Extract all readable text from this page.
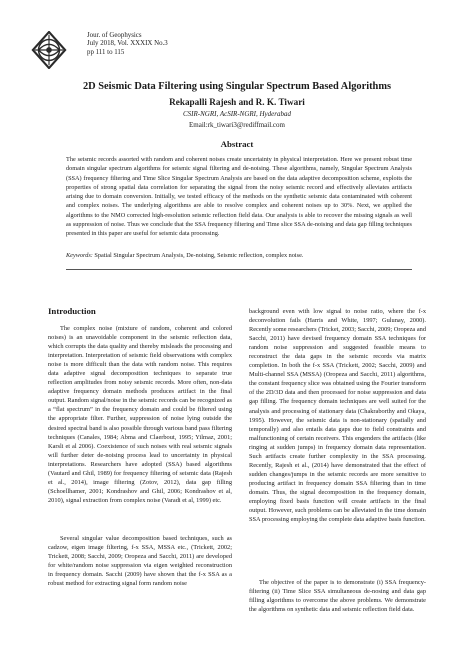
Jour. of Geophysics
July 2018, Vol. XXXIX No.3
pp 111 to 115
2D Seismic Data Filtering using Singular Spectrum Based Algorithms
Rekapalli Rajesh and R. K. Tiwari
CSIR-NGRI, AcSIR-NGRI, Hyderabad
Email:rk_tiwari3@rediffmail.com
Abstract

The seismic records assorted with random and coherent noises create uncertainty in physical interpretation. Here we present robust time domain singular spectrum algorithms for seismic signal filtering and de-noising. These algorithms, namely, Singular Spectrum Analysis (SSA) frequency filtering and Time Slice Singular Spectrum Analysis are based on the data adaptive decomposition scheme, exploits the properties of strong spatial data correlation for separating the signal from the noisy seismic record and effectively alleviates artifacts arising due to domain conversion. Initially, we tested efficacy of the methods on the synthetic seismic data contaminated with coherent and complex noises. The underlying algorithms are able to resolve complex and coherent noises up to 30%. Next, we applied the algorithms to the NMO corrected high-resolution seismic reflection field data. Our analysis is able to recover the missing signals as well as suppression of noise. Thus we conclude that the SSA frequency filtering and Time slice SSA de-noising and data gap filling techniques presented in this paper are useful for seismic data processing.

Keywords: Spatial Singular Spectrum Analysis, De-noising, Seismic reflection, complex noise.
Introduction

The complex noise (mixture of random, coherent and colored noises) is an unavoidable component in the seismic reflection data, which corrupts the data quality and thereby misleads the processing and interpretation. Interpretation of seismic field observations with complex noise is more difficult than the data with random noise. This requires data adaptive signal decomposition techniques to separate true reflection amplitudes from noisy seismic records. More often, non-data adaptive frequency domain methods produces artifact in the final output. Random signal/noise in the seismic records can be recognized as a “flat spectrum” in the frequency domain and could be filtered using the appropriate filter. Further, suppression of noise lying outside the desired spectral band is also possible through various band pass filtering techniques (Canales, 1984; Abma and Claerbout, 1995; Yilmaz, 2001; Karsli et al 2006). Coexistence of such noises with real seismic signals will further deter de-noising process lead to uncertainty in physical interpretations. Researchers have adopted (SSA) based algorithms (Vautard and Ghil, 1989) for frequency filtering of seismic data (Rajesh et al., 2014), image filtering (Zotov, 2012), data gap filling (Schoellhamer, 2001; Kondrashov and Ghil, 2006; Kondrashov et al, 2010), signal extraction from complex noise (Varadi et al, 1999) etc.

Several singular value decomposition based techniques, such as cadzow, eigen image filtering, f-x SSA, MSSA etc., (Trickett, 2002; Trickett, 2008; Sacchi, 2009; Oropeza and Sacchi, 2011) are developed for white/random noise suppression via eigen weighted reconstruction in frequency domain. Sacchi (2009) have shown that the f-x SSA as a robust method for extracting signal form random noise

background even with low signal to noise ratio, where the f-x deconvolution fails (Harris and White, 1997; Gulunay, 2000). Recently some researchers (Tricket, 2003; Sacchi, 2009; Oropeza and Sacchi, 2011) have devised frequency domain SSA techniques for random noise suppression and suggested feasible means to reconstruct the data gaps in the seismic records via matrix completion. In both the f-x SSA (Trickett, 2002; Sacchi, 2009) and Multi-channel SSA (MSSA) (Oropeza and Sacchi, 2011) algorithms, the constant frequency slice was obtained using the Fourier transform of the 2D/3D data and then processed for noise suppression and data gap filling. The frequency domain techniques are well suited for the analysis and processing of stationary data (Chakraborthy and Okaya, 1995). However, the seismic data is non-stationary (spatially and temporally) and also entails data gaps due to field constraints and malfunctioning of certain receivers. This engenders the artifacts (like ringing at sudden jumps) in frequency domain data representation. Such artifacts create further complexity in the SSA processing. Recently, Rajesh et al., (2014) have demonstrated that the effect of sudden changes/jumps in the seismic records are more sensitive to producing artifact in frequency domain SSA filtering than in time domain. Thus, the signal decomposition in the frequency domain, employing fixed basis function will create artifacts in the final output. However, such problems can be alleviated in the time domain SSA processing employing the complete data adaptive basis function.

The objective of the paper is to demonstrate (i) SSA frequency-filtering (ii) Time Slice SSA simultaneous de-nosing and data gap filling algorithms to overcome the above problems. We demonstrate the algorithms on synthetic data and seismic reflection field data.
